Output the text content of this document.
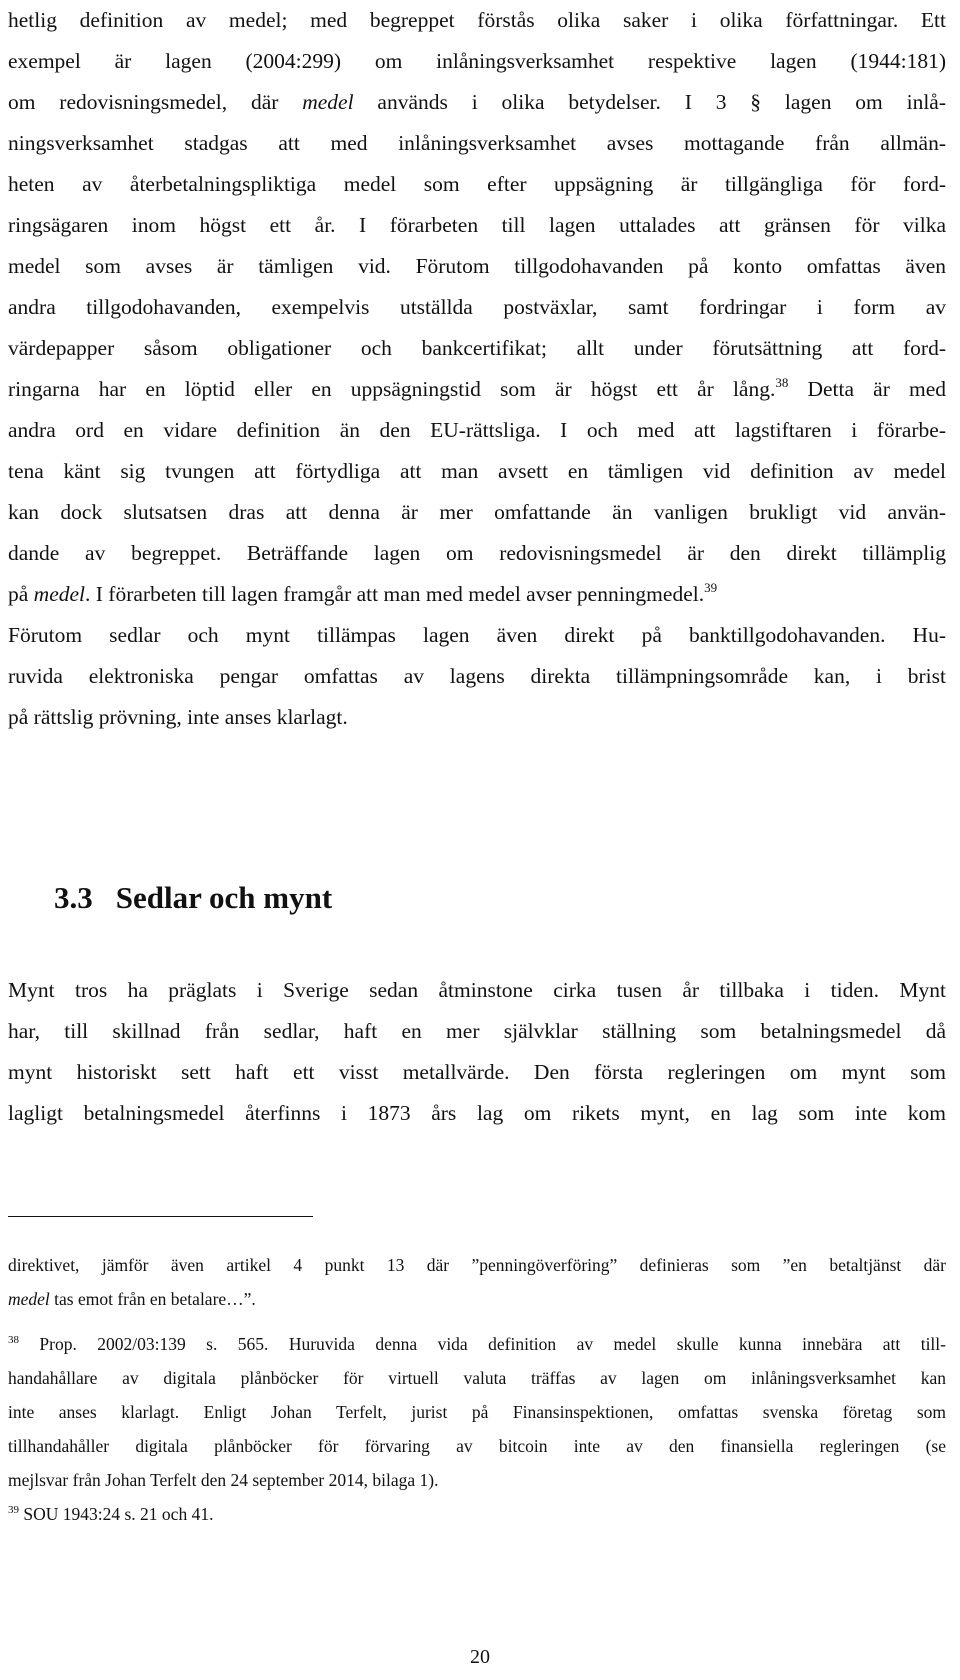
hetlig definition av medel; med begreppet förstås olika saker i olika författningar. Ett
exempel är lagen (2004:299) om inlåningsverksamhet respektive lagen (1944:181)
om redovisningsmedel, där medel används i olika betydelser. I 3 § lagen om inlå-
ningsverksamhet stadgas att med inlåningsverksamhet avses mottagande från allmän-
heten av återbetalningspliktiga medel som efter uppsägning är tillgängliga för ford-
ringsägaren inom högst ett år. I förarbeten till lagen uttalades att gränsen för vilka
medel som avses är tämligen vid. Förutom tillgodohavanden på konto omfattas även
andra tillgodohavanden, exempelvis utställda postväxlar, samt fordringar i form av
värdepapper såsom obligationer och bankcertifikat; allt under förutsättning att ford-
ringarna har en löptid eller en uppsägningstid som är högst ett år lång.$^{38}$ Detta är med
andra ord en vidare definition än den EU-rättsliga. I och med att lagstiftaren i förarbe-
tena känt sig tvungen att förtydliga att man avsett en tämligen vid definition av medel
kan dock slutsatsen dras att denna är mer omfattande än vanligen brukligt vid använ-
dande av begreppet. Beträffande lagen om redovisningsmedel är den direkt tillämplig
på medel. I förarbeten till lagen framgår att man med medel avser penningmedel.$^{39}$
Förutom sedlar och mynt tillämpas lagen även direkt på banktillgodohavanden. Hu-
ruvida elektroniska pengar omfattas av lagens direkta tillämpningsområde kan, i brist
på rättslig prövning, inte anses klarlagt.
3.3 Sedlar och mynt
Mynt tros ha präglats i Sverige sedan åtminstone cirka tusen år tillbaka i tiden. Mynt
har, till skillnad från sedlar, haft en mer självklar ställning som betalningsmedel då
mynt historiskt sett haft ett visst metallvärde. Den första regleringen om mynt som
lagligt betalningsmedel återfinns i 1873 års lag om rikets mynt, en lag som inte kom
direktivet, jämför även artikel 4 punkt 13 där ”penningöverföring” definieras som ”en betaltjänst där
medel tas emot från en betalare…”.
$^{38}$ Prop. 2002/03:139 s. 565. Huruvida denna vida definition av medel skulle kunna innebära att till-
handahållare av digitala plånböcker för virtuell valuta träffas av lagen om inlåningsverksamhet kan
inte anses klarlagt. Enligt Johan Terfelt, jurist på Finansinspektionen, omfattas svenska företag som
tillhandahåller digitala plånböcker för förvaring av bitcoin inte av den finansiella regleringen (se
mejlsvar från Johan Terfelt den 24 september 2014, bilaga 1).
$^{39}$ SOU 1943:24 s. 21 och 41.
20
